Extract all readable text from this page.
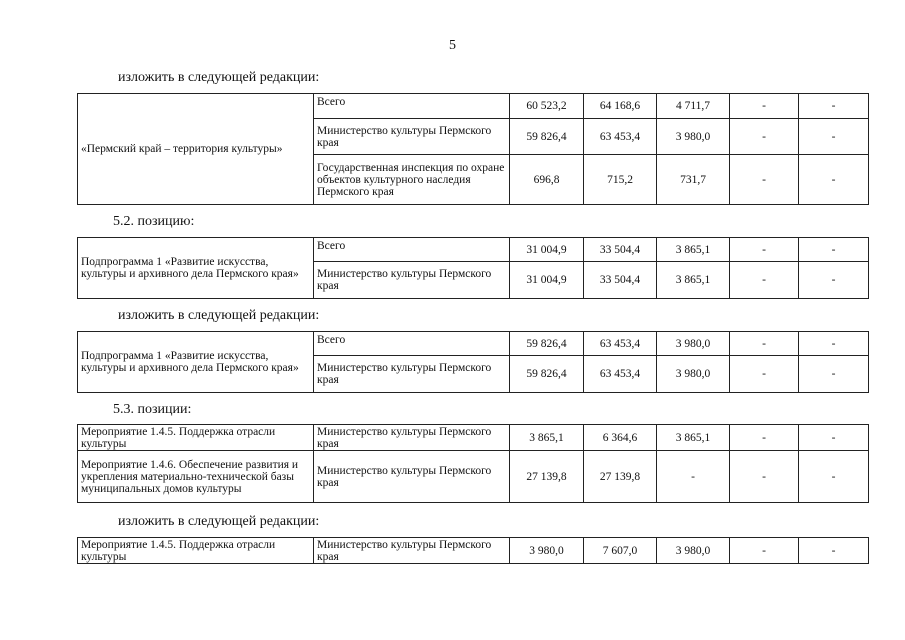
5
изложить в следующей редакции:
«Пермский край – территория культуры»	Всего	60 523,2	64 168,6	4 711,7	-	-
	Министерство культуры Пермского края	59 826,4	63 453,4	3 980,0	-	-
	Государственная инспекция по охране объектов культурного наследия Пермского края	696,8	715,2	731,7	-	-
5.2. позицию:
Подпрограмма 1 «Развитие искусства, культуры и архивного дела Пермского края»	Всего	31 004,9	33 504,4	3 865,1	-	-
	Министерство культуры Пермского края	31 004,9	33 504,4	3 865,1	-	-
изложить в следующей редакции:
Подпрограмма 1 «Развитие искусства, культуры и архивного дела Пермского края»	Всего	59 826,4	63 453,4	3 980,0	-	-
	Министерство культуры Пермского края	59 826,4	63 453,4	3 980,0	-	-
5.3. позиции:
Мероприятие 1.4.5. Поддержка отрасли культуры	Министерство культуры Пермского края	3 865,1	6 364,6	3 865,1	-	-
Мероприятие 1.4.6. Обеспечение развития и укрепления материально-технической базы муниципальных домов культуры	Министерство культуры Пермского края	27 139,8	27 139,8	-	-	-
изложить в следующей редакции:
Мероприятие 1.4.5. Поддержка отрасли культуры	Министерство культуры Пермского края	3 980,0	7 607,0	3 980,0	-	-
